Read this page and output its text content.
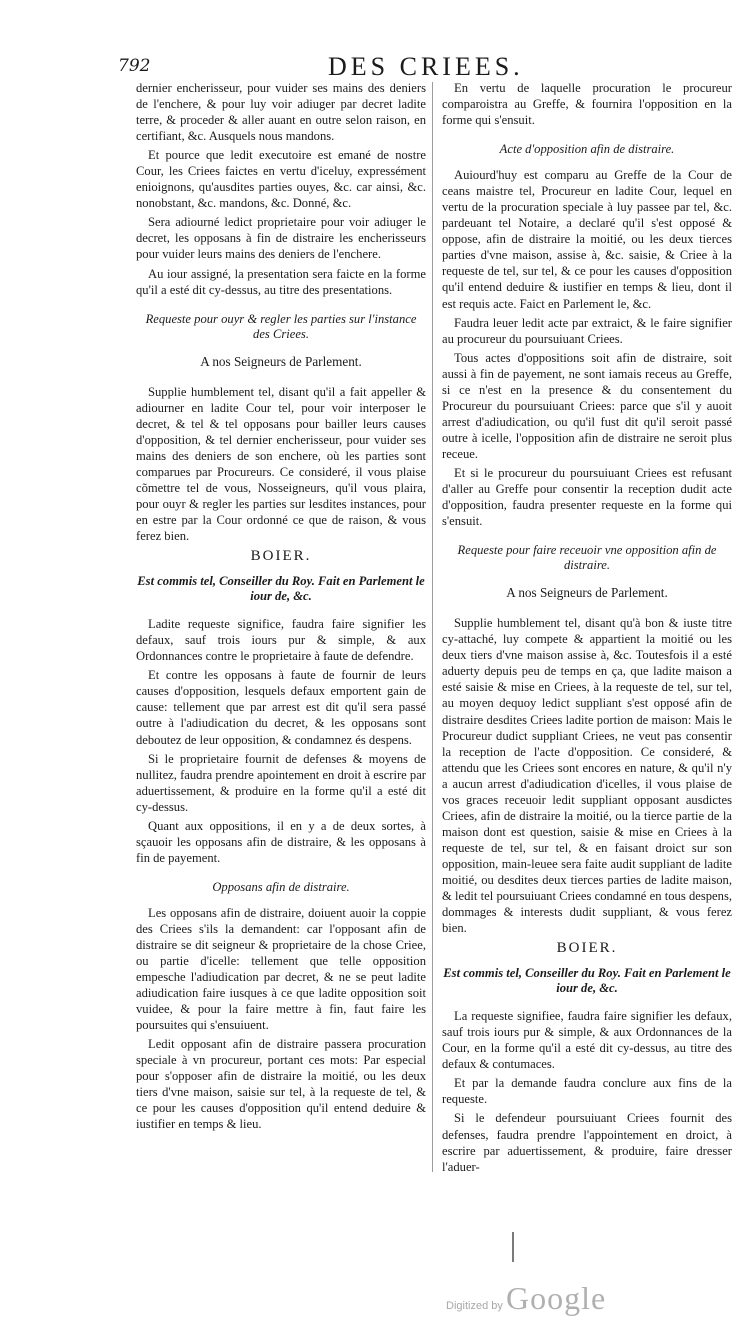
792	DES CRIEES.

dernier encherisseur, pour vuider ses mains des deniers de l'enchere, & pour luy voir adiuger par decret ladite terre, & proceder & aller auant en outre selon raison, en certifiant, &c. Ausquels nous mandons.

Et pource que ledit executoire est emané de nostre Cour, les Criees faictes en vertu d'iceluy, expressément enioignons, qu'ausdites parties ouyes, &c. car ainsi, &c. nonobstant, &c. mandons, &c. Donné, &c.

Sera adiourné ledict proprietaire pour voir adiuger le decret, les opposans à fin de distraire les encherisseurs pour vuider leurs mains des deniers de l'enchere.

Au iour assigné, la presentation sera faicte en la forme qu'il a esté dit cy-dessus, au titre des presentations.

Requeste pour ouyr & regler les parties sur l'instance des Criees.

A nos Seigneurs de Parlement.

Supplie humblement tel, disant qu'il a fait appeller & adiourner en ladite Cour tel, pour voir interposer le decret, & tel & tel opposans pour bailler leurs causes d'opposition, & tel dernier encherisseur, pour vuider ses mains des deniers de son enchere, où les parties sont comparues par Procureurs. Ce consideré, il vous plaise cõmettre tel de vous, Nosseigneurs, qu'il vous plaira, pour ouyr & regler les parties sur lesdites instances, pour en estre par la Cour ordonné ce que de raison, & vous ferez bien.

BOIER.

Est commis tel, Conseiller du Roy. Fait en Parlement le iour de, &c.

Ladite requeste significe, faudra faire signifier les defaux, sauf trois iours pur & simple, & aux Ordonnances contre le proprietaire à faute de defendre.

Et contre les opposans à faute de fournir de leurs causes d'opposition, lesquels defaux emportent gain de cause: tellement que par arrest est dit qu'il sera passé outre à l'adiudication du decret, & les opposans sont deboutez de leur opposition, & condamnez és despens.

Si le proprietaire fournit de defenses & moyens de nullitez, faudra prendre apointement en droit à escrire par aduertissement, & produire en la forme qu'il a esté dit cy-dessus.

Quant aux oppositions, il en y a de deux sortes, à sçauoir les opposans afin de distraire, & les opposans à fin de payement.

Opposans afin de distraire.

Les opposans afin de distraire, doiuent auoir la coppie des Criees s'ils la demandent: car l'opposant afin de distraire se dit seigneur & proprietaire de la chose Criee, ou partie d'icelle: tellement que telle opposition empesche l'adiudication par decret, & ne se peut ladite adiudication faire iusques à ce que ladite opposition soit vuidee, & pour la faire mettre à fin, faut faire les poursuites qui s'ensuiuent.

Ledit opposant afin de distraire passera procuration speciale à vn procureur, portant ces mots: Par especial pour s'opposer afin de distraire la moitié, ou les deux tiers d'vne maison, saisie sur tel, à la requeste de tel, & ce pour les causes d'opposition qu'il entend deduire & iustifier en temps & lieu.

En vertu de laquelle procuration le procureur comparoistra au Greffe, & fournira l'opposition en la forme qui s'ensuit.

Acte d'opposition afin de distraire.

Auiourd'huy est comparu au Greffe de la Cour de ceans maistre tel, Procureur en ladite Cour, lequel en vertu de la procuration speciale à luy passee par tel, &c. pardeuant tel Notaire, a declaré qu'il s'est opposé & oppose, afin de distraire la moitié, ou les deux tierces parties d'vne maison, assise à, &c. saisie, & Criee à la requeste de tel, sur tel, & ce pour les causes d'opposition qu'il entend deduire & iustifier en temps & lieu, dont il est requis acte. Faict en Parlement le, &c.

Faudra leuer ledit acte par extraict, & le faire signifier au procureur du poursuiuant Criees.

Tous actes d'oppositions soit afin de distraire, soit aussi à fin de payement, ne sont iamais receus au Greffe, si ce n'est en la presence & du consentement du Procureur du poursuiuant Criees: parce que s'il y auoit arrest d'adiudication, ou qu'il fust dit qu'il seroit passé outre à icelle, l'opposition afin de distraire ne seroit plus receue.

Et si le procureur du poursuiuant Criees est refusant d'aller au Greffe pour consentir la reception dudit acte d'opposition, faudra presenter requeste en la forme qui s'ensuit.

Requeste pour faire receuoir vne opposition afin de distraire.

A nos Seigneurs de Parlement.

Supplie humblement tel, disant qu'à bon & iuste titre cy-attaché, luy compete & appartient la moitié ou les deux tiers d'vne maison assise à, &c. Toutesfois il a esté aduerty depuis peu de temps en ça, que ladite maison a esté saisie & mise en Criees, à la requeste de tel, sur tel, au moyen dequoy ledict suppliant s'est opposé afin de distraire desdites Criees ladite portion de maison: Mais le Procureur dudict suppliant Criees, ne veut pas consentir la reception de l'acte d'opposition. Ce consideré, & attendu que les Criees sont encores en nature, & qu'il n'y a aucun arrest d'adiudication d'icelles, il vous plaise de vos graces receuoir ledit suppliant opposant ausdictes Criees, afin de distraire la moitié, ou la tierce partie de la maison dont est question, saisie & mise en Criees à la requeste de tel, sur tel, & en faisant droict sur son opposition, main-leuee sera faite audit suppliant de ladite moitié, ou desdites deux tierces parties de ladite maison, & ledit tel poursuiuant Criees condamné en tous despens, dommages & interests dudit suppliant, & vous ferez bien.

BOIER.

Est commis tel, Conseiller du Roy. Fait en Parlement le iour de, &c.

La requeste signifiee, faudra faire signifier les defaux, sauf trois iours pur & simple, & aux Ordonnances de la Cour, en la forme qu'il a esté dit cy-dessus, au titre des defaux & contumaces.

Et par la demande faudra conclure aux fins de la requeste.

Si le defendeur poursuiuant Criees fournit des defenses, faudra prendre l'appointement en droict, à escrire par aduertissement, & produire, faire dresser l'aduer-

Digitized by Google
